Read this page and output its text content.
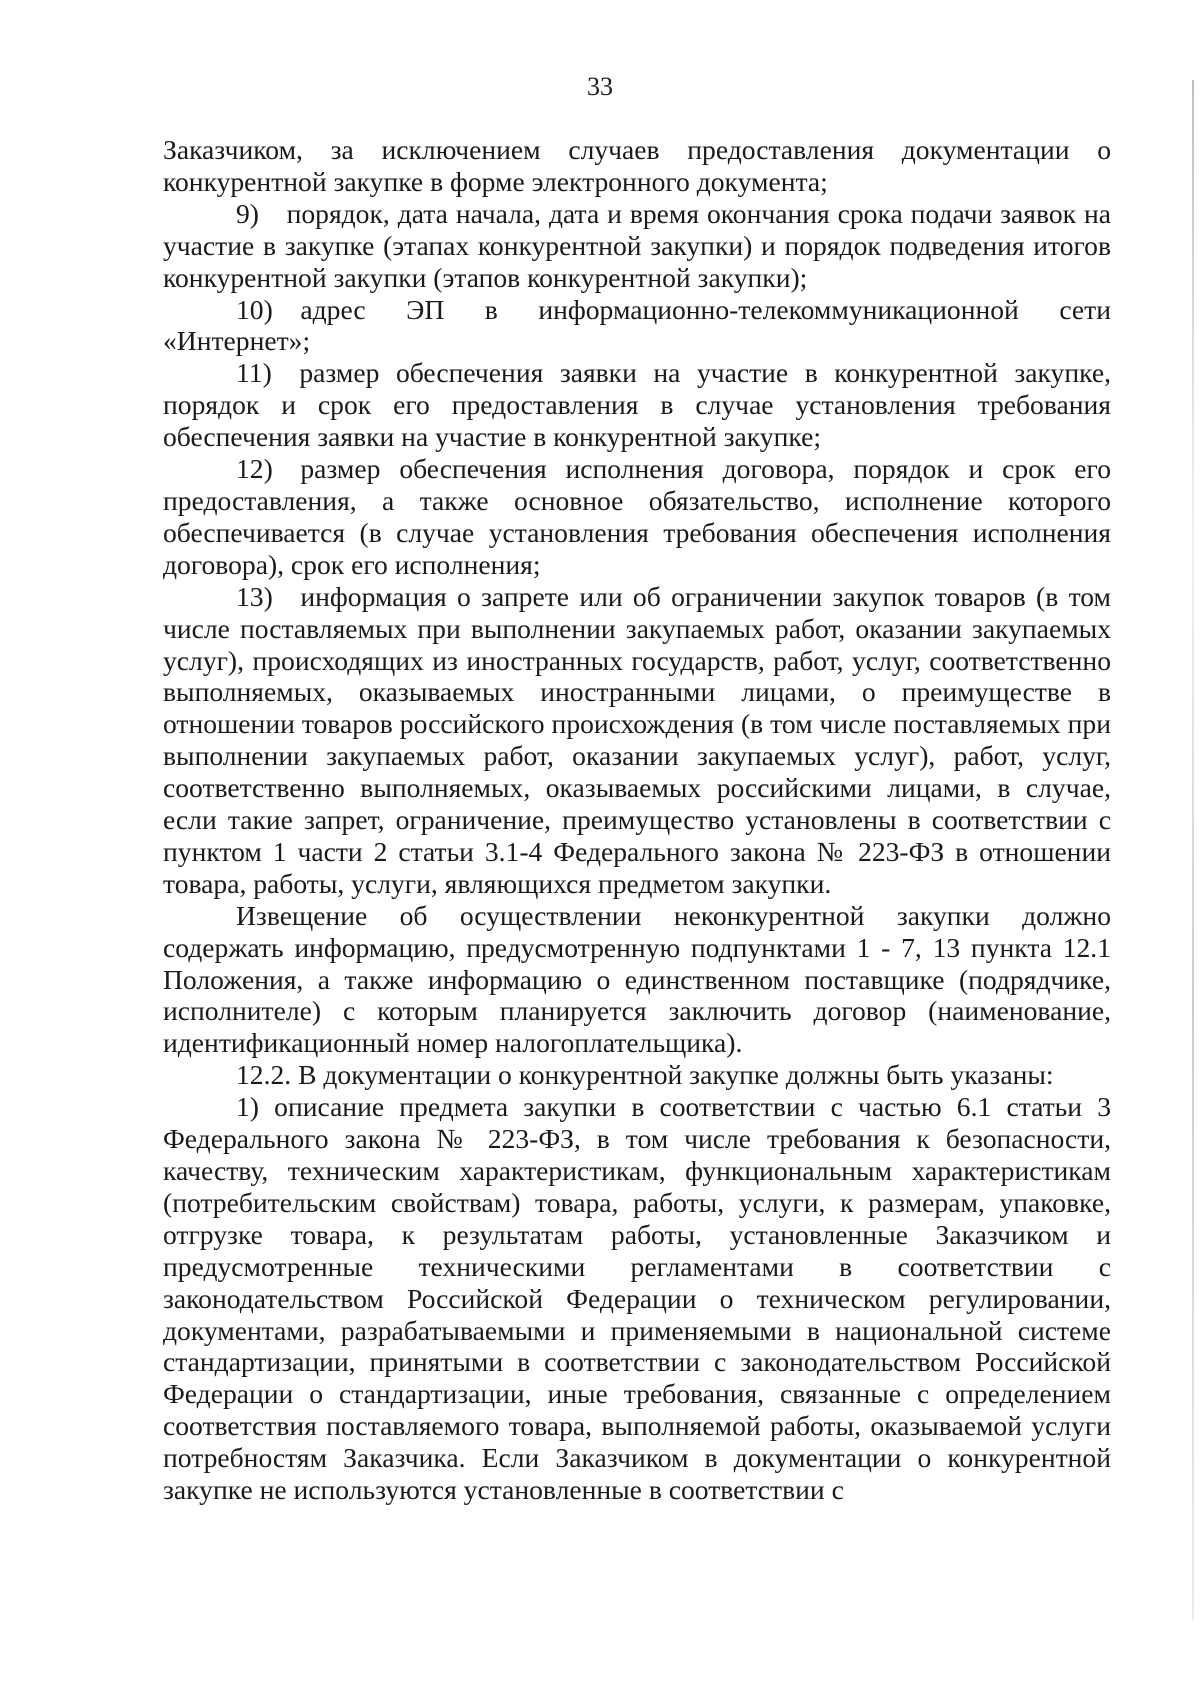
33

Заказчиком, за исключением случаев предоставления документации о конкурентной закупке в форме электронного документа;

9) порядок, дата начала, дата и время окончания срока подачи заявок на участие в закупке (этапах конкурентной закупки) и порядок подведения итогов конкурентной закупки (этапов конкурентной закупки);

10) адрес ЭП в информационно-телекоммуникационной сети «Интернет»;

11) размер обеспечения заявки на участие в конкурентной закупке, порядок и срок его предоставления в случае установления требования обеспечения заявки на участие в конкурентной закупке;

12) размер обеспечения исполнения договора, порядок и срок его предоставления, а также основное обязательство, исполнение которого обеспечивается (в случае установления требования обеспечения исполнения договора), срок его исполнения;

13) информация о запрете или об ограничении закупок товаров (в том числе поставляемых при выполнении закупаемых работ, оказании закупаемых услуг), происходящих из иностранных государств, работ, услуг, соответственно выполняемых, оказываемых иностранными лицами, о преимуществе в отношении товаров российского происхождения (в том числе поставляемых при выполнении закупаемых работ, оказании закупаемых услуг), работ, услуг, соответственно выполняемых, оказываемых российскими лицами, в случае, если такие запрет, ограничение, преимущество установлены в соответствии с пунктом 1 части 2 статьи 3.1-4 Федерального закона № 223-ФЗ в отношении товара, работы, услуги, являющихся предметом закупки.

Извещение об осуществлении неконкурентной закупки должно содержать информацию, предусмотренную подпунктами 1 - 7, 13 пункта 12.1 Положения, а также информацию о единственном поставщике (подрядчике, исполнителе) с которым планируется заключить договор (наименование, идентификационный номер налогоплательщика).

12.2. В документации о конкурентной закупке должны быть указаны:

1) описание предмета закупки в соответствии с частью 6.1 статьи 3 Федерального закона № 223-ФЗ, в том числе требования к безопасности, качеству, техническим характеристикам, функциональным характеристикам (потребительским свойствам) товара, работы, услуги, к размерам, упаковке, отгрузке товара, к результатам работы, установленные Заказчиком и предусмотренные техническими регламентами в соответствии с законодательством Российской Федерации о техническом регулировании, документами, разрабатываемыми и применяемыми в национальной системе стандартизации, принятыми в соответствии с законодательством Российской Федерации о стандартизации, иные требования, связанные с определением соответствия поставляемого товара, выполняемой работы, оказываемой услуги потребностям Заказчика. Если Заказчиком в документации о конкурентной закупке не используются установленные в соответствии с
